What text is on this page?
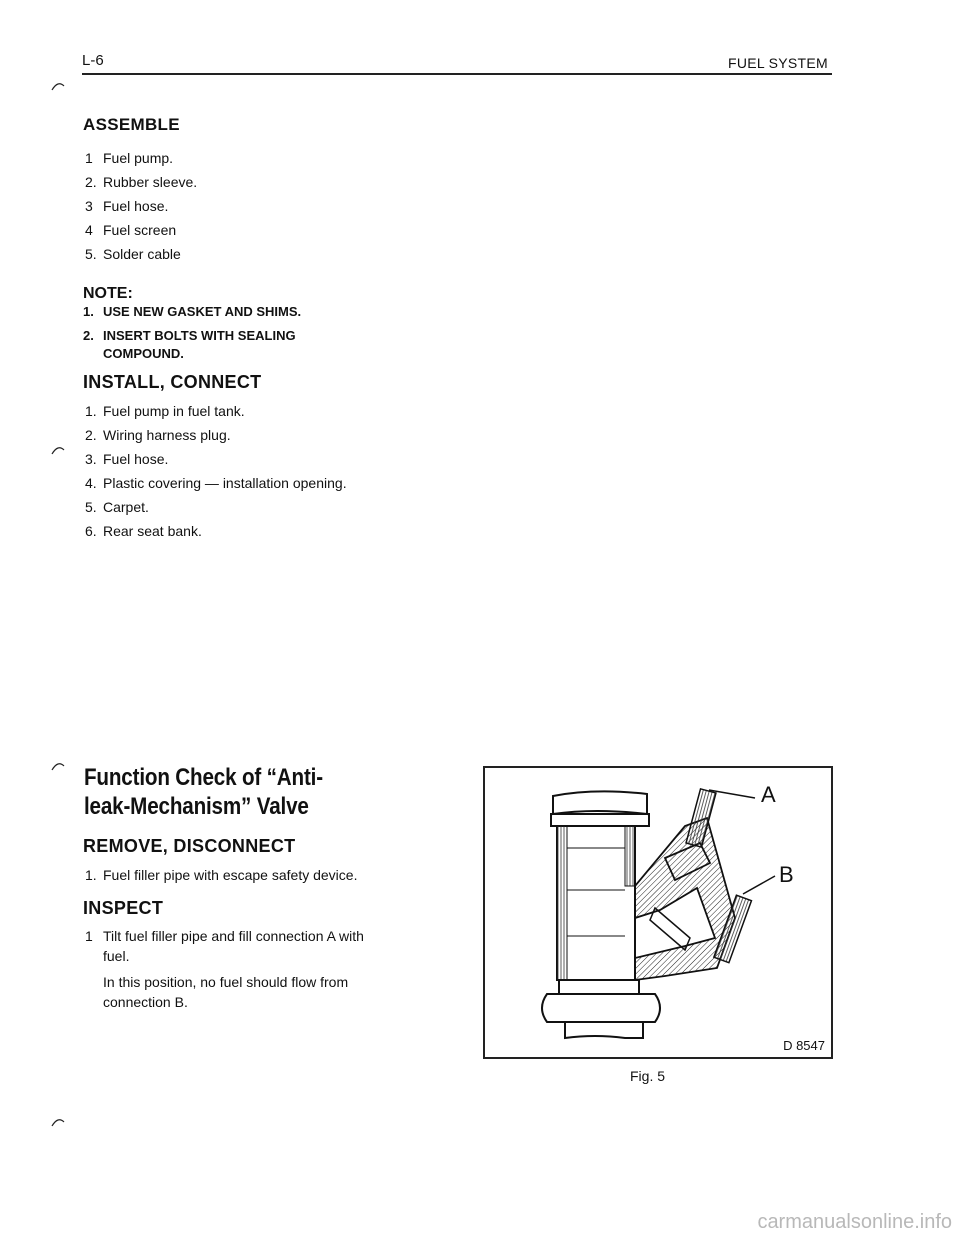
L-6	FUEL SYSTEM
ASSEMBLE
1 Fuel pump.
2. Rubber sleeve.
3 Fuel hose.
4 Fuel screen
5. Solder cable
NOTE:
1. USE NEW GASKET AND SHIMS.
2. INSERT BOLTS WITH SEALING
COMPOUND.
INSTALL, CONNECT
1. Fuel pump in fuel tank.
2. Wiring harness plug.
3. Fuel hose.
4. Plastic covering — installation opening.
5. Carpet.
6. Rear seat bank.
Function Check of “Anti-
leak-Mechanism” Valve
REMOVE, DISCONNECT
1. Fuel filler pipe with escape safety device.
INSPECT
1 Tilt fuel filler pipe and fill connection A with
fuel.
In this position, no fuel should flow from
connection B.
A
B
D 8547
Fig. 5
carmanualsonline.info
